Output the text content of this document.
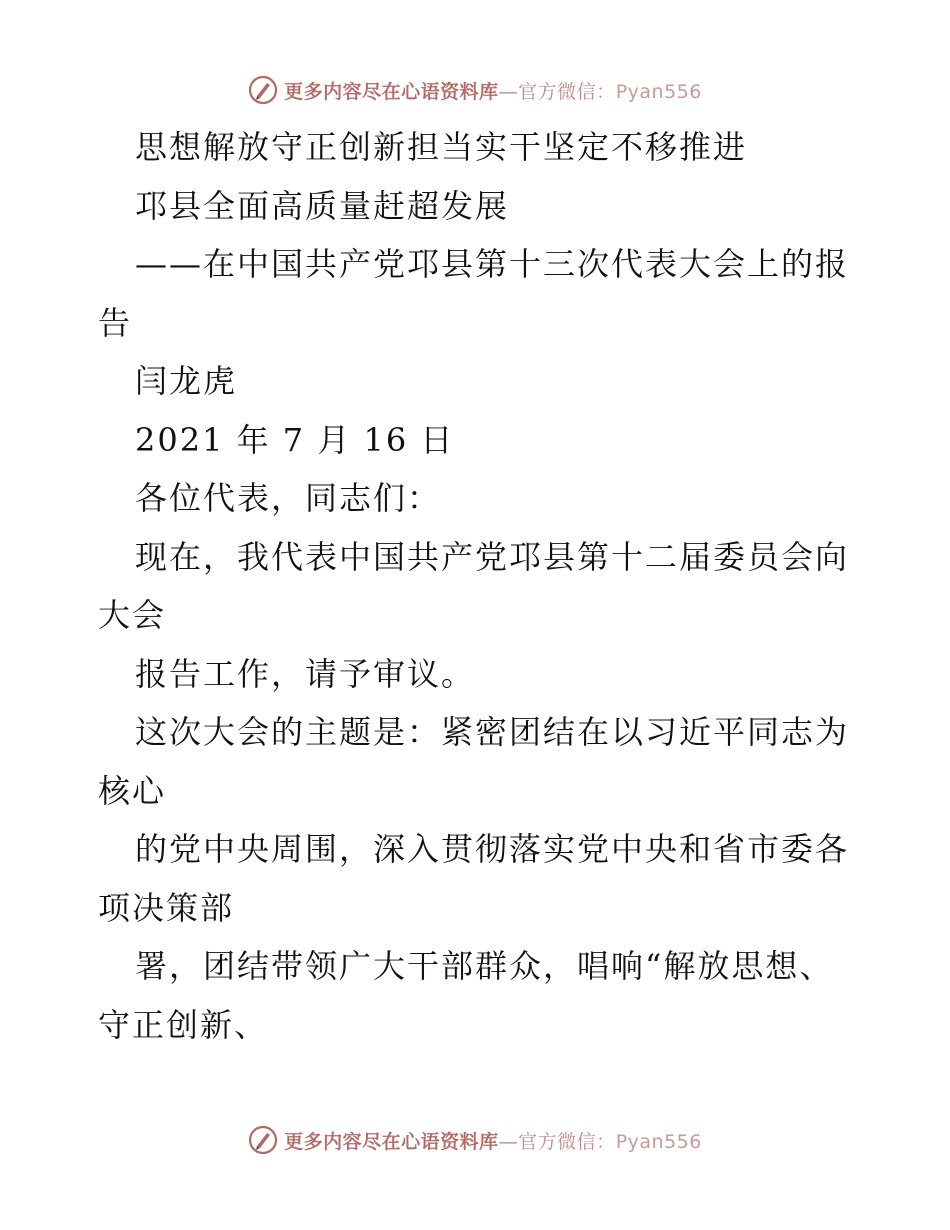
更多内容尽在心语资料库—官方微信：Pyan556
思想解放守正创新担当实干坚定不移推进
邛县全面高质量赶超发展
——在中国共产党邛县第十三次代表大会上的报
告
闫龙虎
2021 年 7 月 16 日
各位代表，同志们：
现在，我代表中国共产党邛县第十二届委员会向
大会
报告工作，请予审议。
这次大会的主题是：紧密团结在以习近平同志为
核心
的党中央周围，深入贯彻落实党中央和省市委各
项决策部
署，团结带领广大干部群众，唱响“解放思想、
守正创新、
更多内容尽在心语资料库—官方微信：Pyan556
